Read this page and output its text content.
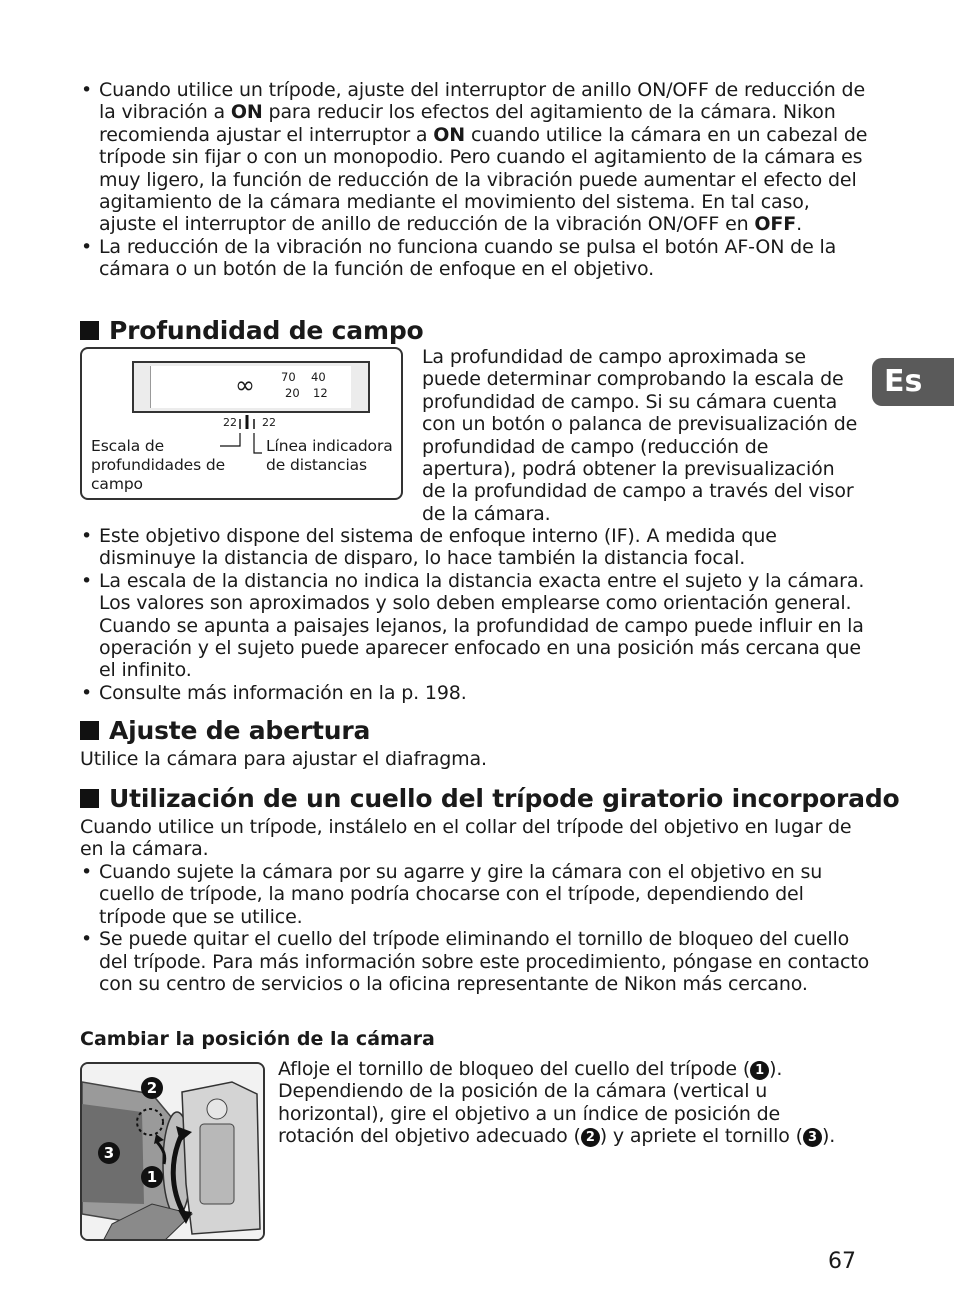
• Cuando utilice un trípode, ajuste del interruptor de anillo ON/OFF de reducción de la vibración a ON para reducir los efectos del agitamiento de la cámara. Nikon recomienda ajustar el interruptor a ON cuando utilice la cámara en un cabezal de trípode sin fijar o con un monopodio. Pero cuando el agitamiento de la cámara es muy ligero, la función de reducción de la vibración puede aumentar el efecto del agitamiento de la cámara mediante el movimiento del sistema. En tal caso, ajuste el interruptor de anillo de reducción de la vibración ON/OFF en OFF.
• La reducción de la vibración no funciona cuando se pulsa el botón AF-ON de la cámara o un botón de la función de enfoque en el objetivo.
Es
Profundidad de campo
∞ 70 40
20 12
22 22
Escala de profundidades de campo
Línea indicadora de distancias
La profundidad de campo aproximada se puede determinar comprobando la escala de profundidad de campo. Si su cámara cuenta con un botón o palanca de previsualización de profundidad de campo (reducción de apertura), podrá obtener la previsualización de la profundidad de campo a través del visor de la cámara.
• Este objetivo dispone del sistema de enfoque interno (IF). A medida que disminuye la distancia de disparo, lo hace también la distancia focal.
• La escala de la distancia no indica la distancia exacta entre el sujeto y la cámara. Los valores son aproximados y solo deben emplearse como orientación general. Cuando se apunta a paisajes lejanos, la profundidad de campo puede influir en la operación y el sujeto puede aparecer enfocado en una posición más cercana que el infinito.
• Consulte más información en la p. 198.
Ajuste de abertura
Utilice la cámara para ajustar el diafragma.
Utilización de un cuello del trípode giratorio incorporado
Cuando utilice un trípode, instálelo en el collar del trípode del objetivo en lugar de en la cámara.
• Cuando sujete la cámara por su agarre y gire la cámara con el objetivo en su cuello de trípode, la mano podría chocarse con el trípode, dependiendo del trípode que se utilice.
• Se puede quitar el cuello del trípode eliminando el tornillo de bloqueo del cuello del trípode. Para más información sobre este procedimiento, póngase en contacto con su centro de servicios o la oficina representante de Nikon más cercano.
Cambiar la posición de la cámara
2
3
1
Afloje el tornillo de bloqueo del cuello del trípode ( 1 ). Dependiendo de la posición de la cámara (vertical u horizontal), gire el objetivo a un índice de posición de rotación del objetivo adecuado ( 2 ) y apriete el tornillo ( 3 ).
67
